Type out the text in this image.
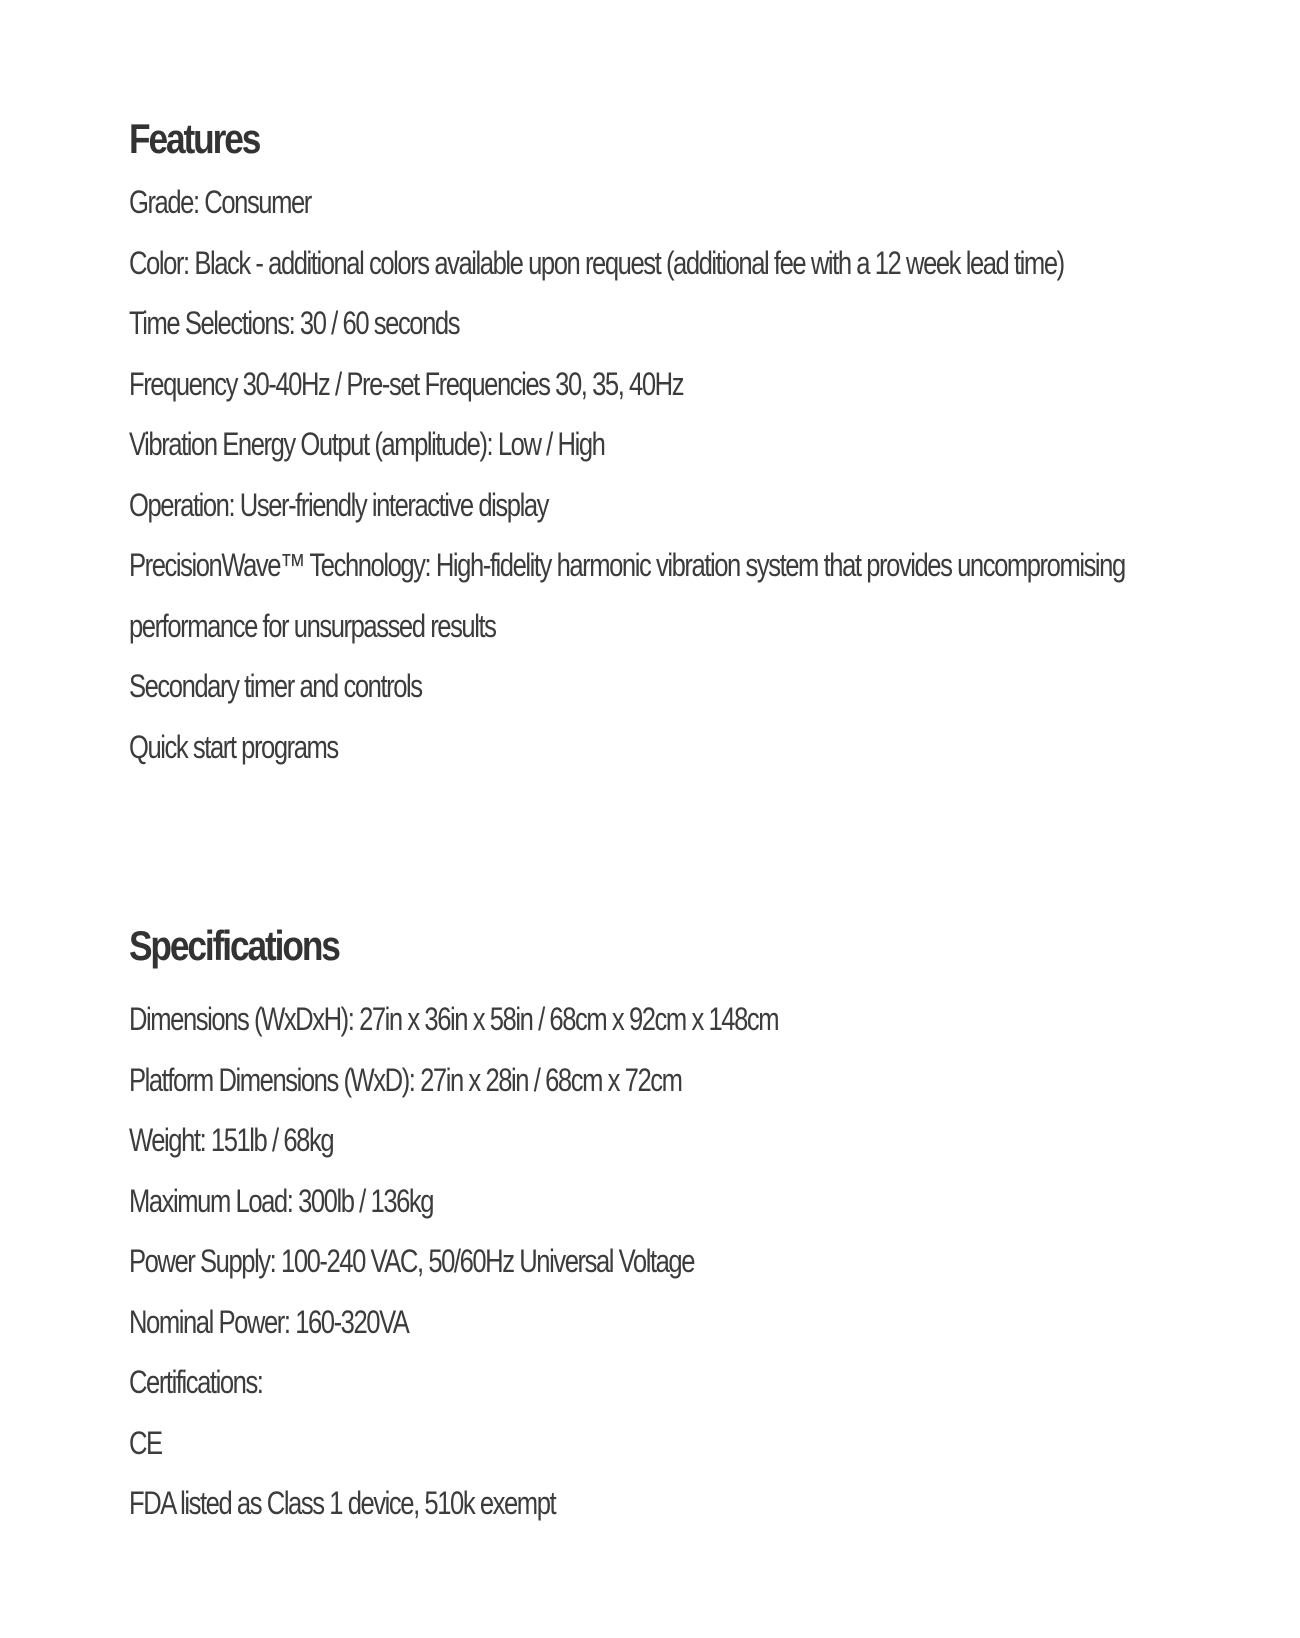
Features
Grade: Consumer
Color: Black - additional colors available upon request (additional fee with a 12 week lead time)
Time Selections: 30 / 60 seconds
Frequency 30-40Hz / Pre-set Frequencies 30, 35, 40Hz
Vibration Energy Output (amplitude): Low / High
Operation: User-friendly interactive display
PrecisionWave™ Technology: High-fidelity harmonic vibration system that provides uncompromising
performance for unsurpassed results
Secondary timer and controls
Quick start programs
Specifications
Dimensions (WxDxH): 27in x 36in x 58in / 68cm x 92cm x 148cm
Platform Dimensions (WxD): 27in x 28in / 68cm x 72cm
Weight: 151lb / 68kg
Maximum Load: 300lb / 136kg
Power Supply: 100-240 VAC, 50/60Hz Universal Voltage
Nominal Power: 160-320VA
Certifications:
CE
FDA listed as Class 1 device, 510k exempt
